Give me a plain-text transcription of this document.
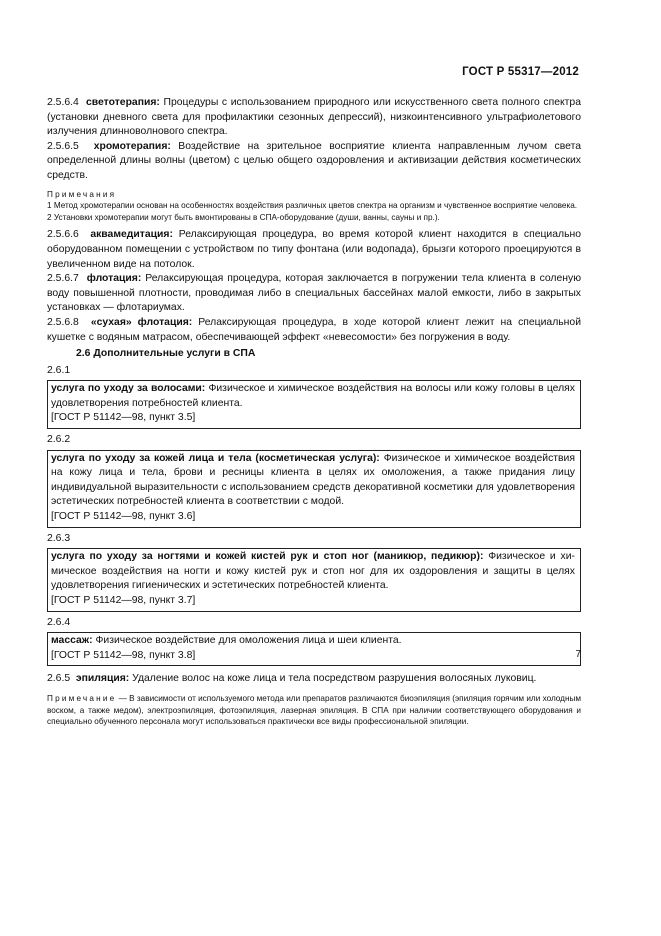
ГОСТ Р 55317—2012

2.5.6.4 светотерапия: Процедуры с использованием природного или искусственного света полного спектра (установки дневного света для профилактики сезонных депрессий), низкоинтенсивного ультрафиолетового излучения длинноволнового спектра.

2.5.6.5 хромотерапия: Воздействие на зрительное восприятие клиента направленным лучом света определенной длины волны (цветом) с целью общего оздоровления и активизации действия косметических средств.

Примечания

1 Метод хромотерапии основан на особенностях воздействия различных цветов спектра на организм и чувственное восприятие человека.

2 Установки хромотерапии могут быть вмонтированы в СПА-оборудование (души, ванны, сауны и пр.).

2.5.6.6 аквамедитация: Релаксирующая процедура, во время которой клиент находится в специально оборудованном помещении с устройством по типу фонтана (или водопада), брызги которого проецируются в увеличенном виде на потолок.

2.5.6.7 флотация: Релаксирующая процедура, которая заключается в погружении тела клиента в соленую воду повышенной плотности, проводимая либо в специальных бассейнах малой емкости, либо в закрытых установках — флотариумах.

2.5.6.8 «сухая» флотация: Релаксирующая процедура, в ходе которой клиент лежит на специальной кушетке с водяным матрасом, обеспечивающей эффект «невесомости» без погружения в воду.

2.6 Дополнительные услуги в СПА

2.6.1

услуга по уходу за волосами: Физическое и химическое воздействия на волосы или кожу головы в целях удовлетворения потребностей клиента.

[ГОСТ Р 51142—98, пункт 3.5]

2.6.2

услуга по уходу за кожей лица и тела (косметическая услуга): Физическое и химическое воздействия на кожу лица и тела, брови и ресницы клиента в целях их омоложения, а также придания лицу индивидуальной выразительности с использованием средств декоративной косметики для удовлетворения эстетических потребностей клиента в соответствии с модой.

[ГОСТ Р 51142—98, пункт 3.6]

2.6.3

услуга по уходу за ногтями и кожей кистей рук и стоп ног (маникюр, педикюр): Физическое и химическое воздействия на ногти и кожу кистей рук и стоп ног для их оздоровления и защиты в целях удовлетворения гигиенических и эстетических потребностей клиента.

[ГОСТ Р 51142—98, пункт 3.7]

2.6.4

массаж: Физическое воздействие для омоложения лица и шеи клиента.

[ГОСТ Р 51142—98, пункт 3.8]

2.6.5 эпиляция: Удаление волос на коже лица и тела посредством разрушения волосяных луковиц.

Примечание — В зависимости от используемого метода или препаратов различаются биоэпиляция (эпиляция горячим или холодным воском, а также медом), электроэпиляция, фотоэпиляция, лазерная эпиляция. В СПА при наличии соответствующего оборудования и специально обученного персонала могут использоваться практически все виды профессиональной эпиляции.

7
